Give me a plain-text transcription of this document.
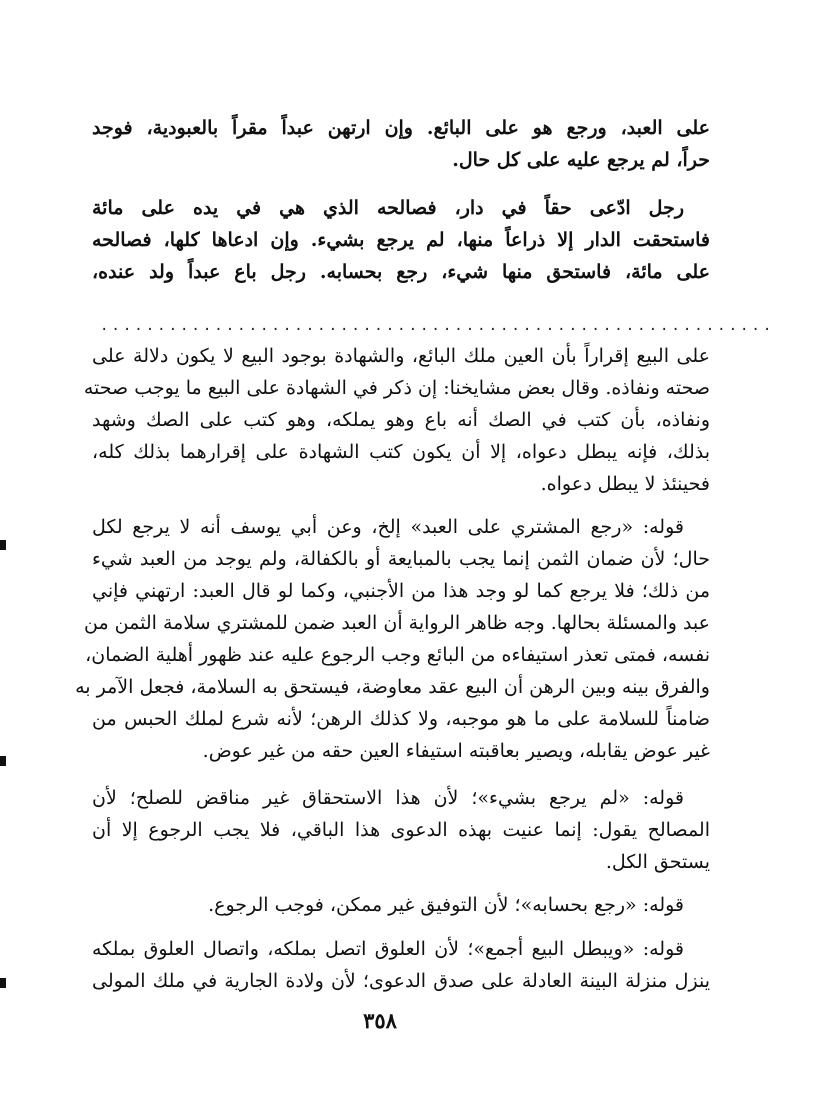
على العبد، ورجع هو على البائع. وإن ارتهن عبداً مقراً بالعبودية، فوجد
حراً، لم يرجع عليه على كل حال.
رجل ادّعى حقاً في دار، فصالحه الذي هي في يده على مائة
فاستحقت الدار إلا ذراعاً منها، لم يرجع بشيء. وإن ادعاها كلها، فصالحه
على مائة، فاستحق منها شيء، رجع بحسابه. رجل باع عبداً ولد عنده،
...........................................................
على البيع إقراراً بأن العين ملك البائع، والشهادة بوجود البيع لا يكون دلالة على
صحته ونفاذه. وقال بعض مشايخنا: إن ذكر في الشهادة على البيع ما يوجب صحته
ونفاذه، بأن كتب في الصك أنه باع وهو يملكه، وهو كتب على الصك وشهد
بذلك، فإنه يبطل دعواه، إلا أن يكون كتب الشهادة على إقرارهما بذلك كله،
فحينئذ لا يبطل دعواه.
قوله: «رجع المشتري على العبد» إلخ، وعن أبي يوسف أنه لا يرجع لكل
حال؛ لأن ضمان الثمن إنما يجب بالمبايعة أو بالكفالة، ولم يوجد من العبد شيء
من ذلك؛ فلا يرجع كما لو وجد هذا من الأجنبي، وكما لو قال العبد: ارتهني فإني
عبد والمسئلة بحالها. وجه ظاهر الرواية أن العبد ضمن للمشتري سلامة الثمن من
نفسه، فمتى تعذر استيفاءه من البائع وجب الرجوع عليه عند ظهور أهلية الضمان،
والفرق بينه وبين الرهن أن البيع عقد معاوضة، فيستحق به السلامة، فجعل الآمر به
ضامناً للسلامة على ما هو موجبه، ولا كذلك الرهن؛ لأنه شرع لملك الحبس من
غير عوض يقابله، ويصير بعاقبته استيفاء العين حقه من غير عوض.
قوله: «لم يرجع بشيء»؛ لأن هذا الاستحقاق غير مناقض للصلح؛ لأن
المصالح يقول: إنما عنيت بهذه الدعوى هذا الباقي، فلا يجب الرجوع إلا أن
يستحق الكل.
قوله: «رجع بحسابه»؛ لأن التوفيق غير ممكن، فوجب الرجوع.
قوله: «ويبطل البيع أجمع»؛ لأن العلوق اتصل بملكه، واتصال العلوق بملكه
ينزل منزلة البينة العادلة على صدق الدعوى؛ لأن ولادة الجارية في ملك المولى
٣٥٨
